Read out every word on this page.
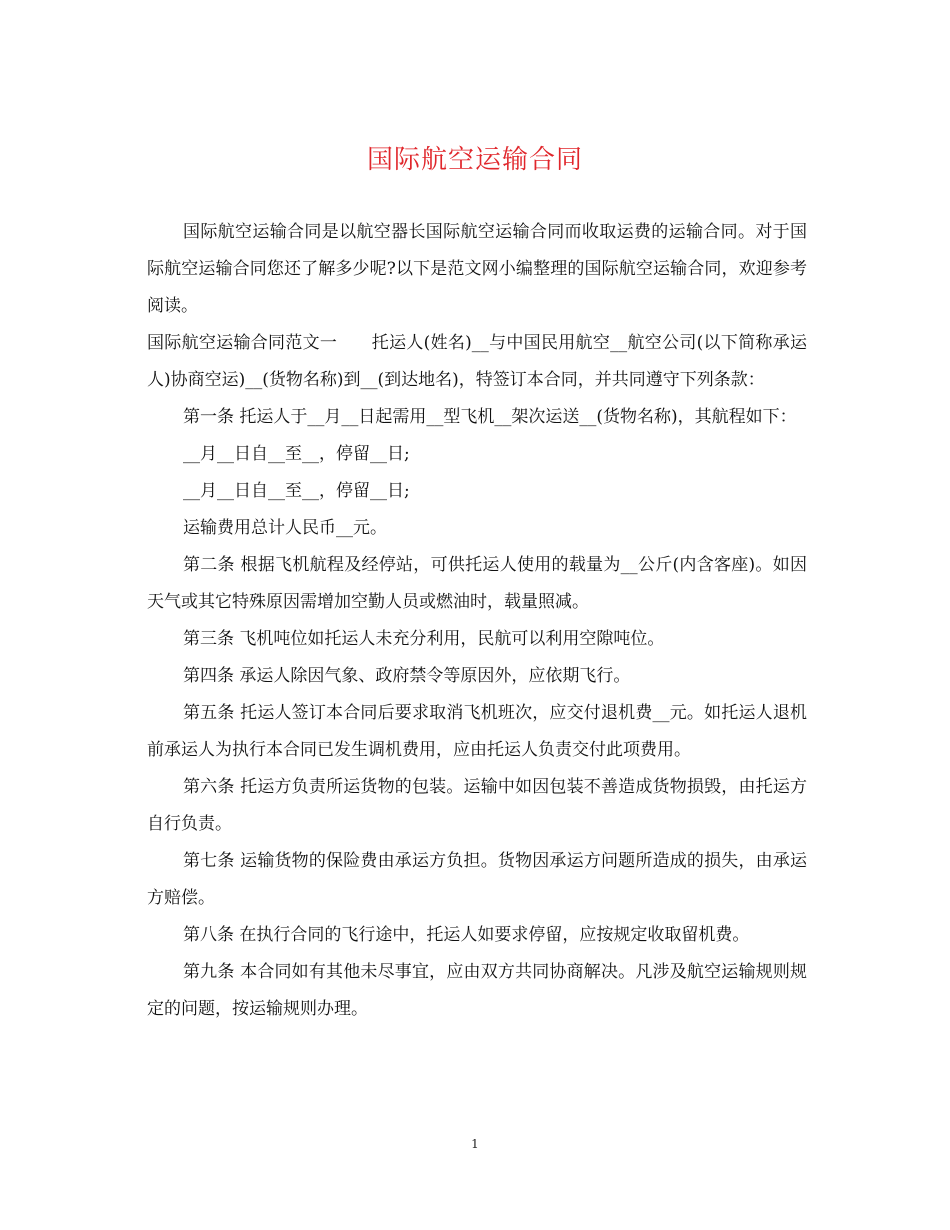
国际航空运输合同

国际航空运输合同是以航空器长国际航空运输合同而收取运费的运输合同。对于国际航空运输合同您还了解多少呢?以下是范文网小编整理的国际航空运输合同，欢迎参考阅读。

国际航空运输合同范文一　　托运人(姓名)__与中国民用航空__航空公司(以下简称承运人)协商空运)__(货物名称)到__(到达地名)，特签订本合同，并共同遵守下列条款：

第一条 托运人于__月__日起需用__型飞机__架次运送__(货物名称)，其航程如下：

__月__日自__至__，停留__日;

__月__日自__至__，停留__日;

运输费用总计人民币__元。

第二条 根据飞机航程及经停站，可供托运人使用的载量为__公斤(内含客座)。如因天气或其它特殊原因需增加空勤人员或燃油时，载量照减。

第三条 飞机吨位如托运人未充分利用，民航可以利用空隙吨位。

第四条 承运人除因气象、政府禁令等原因外，应依期飞行。

第五条 托运人签订本合同后要求取消飞机班次，应交付退机费__元。如托运人退机前承运人为执行本合同已发生调机费用，应由托运人负责交付此项费用。

第六条 托运方负责所运货物的包装。运输中如因包装不善造成货物损毁，由托运方自行负责。

第七条 运输货物的保险费由承运方负担。货物因承运方问题所造成的损失，由承运方赔偿。

第八条 在执行合同的飞行途中，托运人如要求停留，应按规定收取留机费。

第九条 本合同如有其他未尽事宜，应由双方共同协商解决。凡涉及航空运输规则规定的问题，按运输规则办理。

1
